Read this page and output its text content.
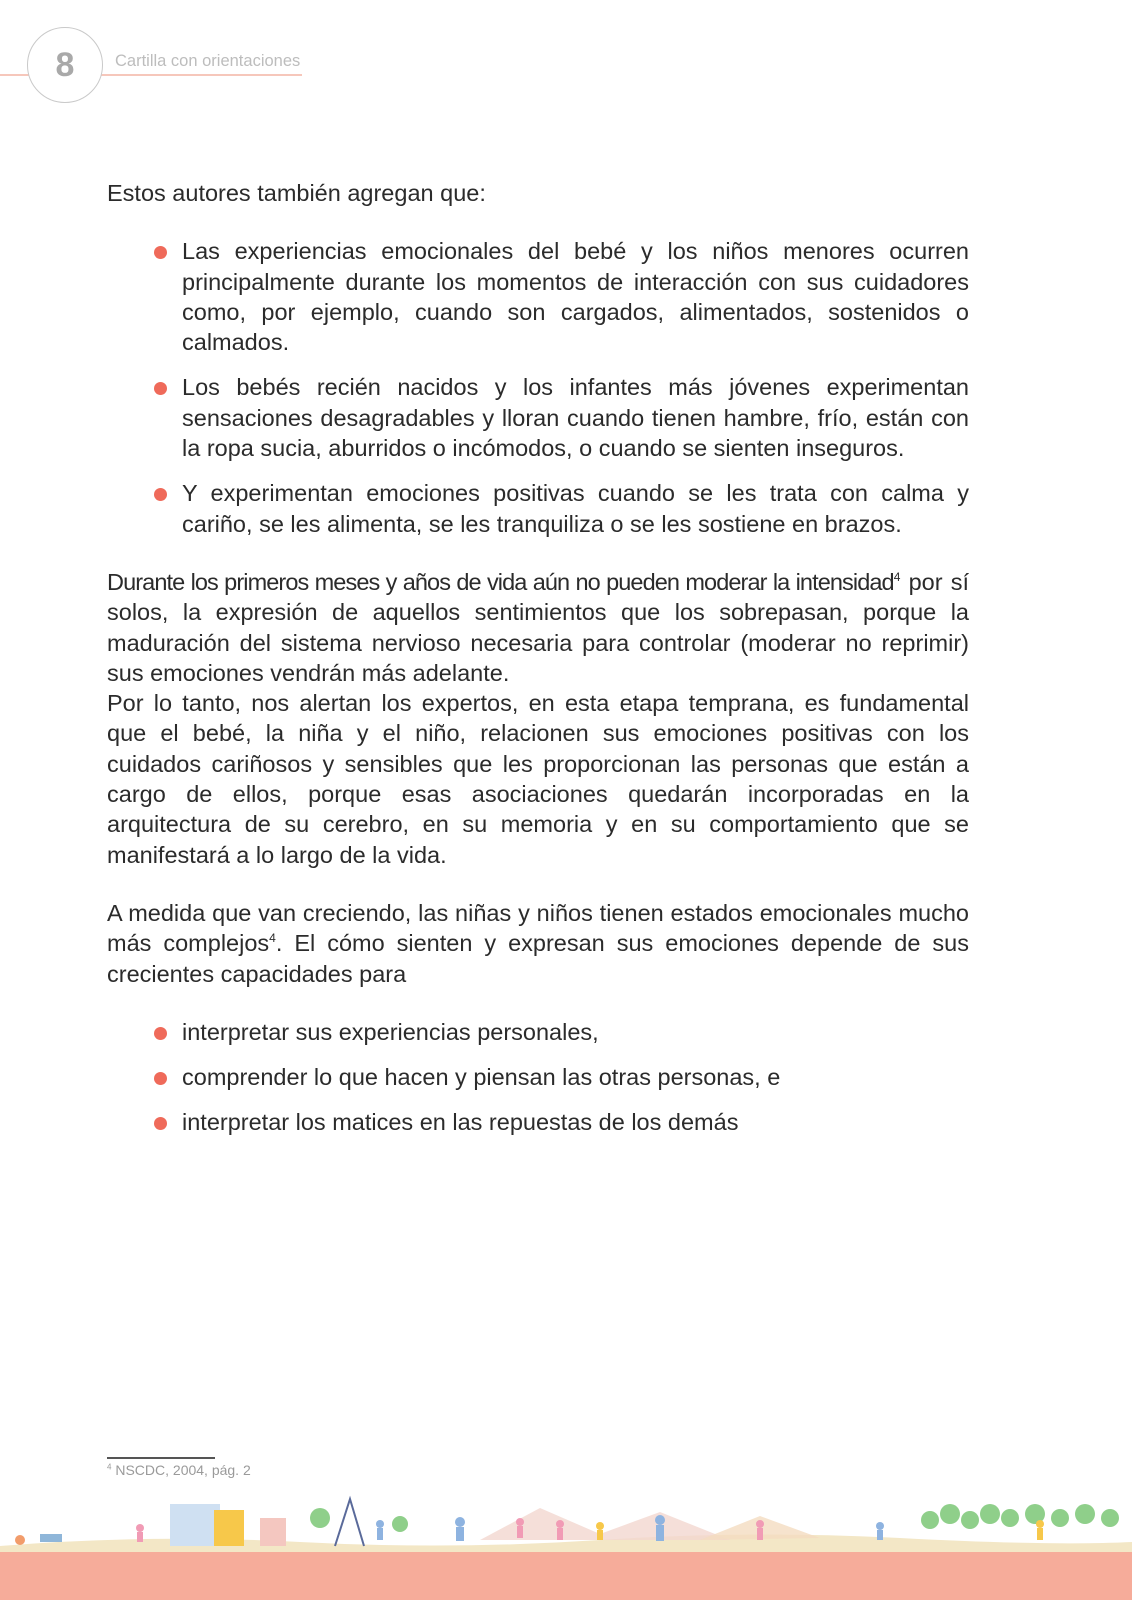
8	Cartilla con orientaciones

Estos autores también agregan que:

Las experiencias emocionales del bebé y los niños menores ocurren principalmente durante los momentos de interacción con sus cuidadores como, por ejemplo, cuando son cargados, alimentados, sostenidos o calmados.
Los bebés recién nacidos y los infantes más jóvenes experimentan sensaciones desagradables y lloran cuando tienen hambre, frío, están con la ropa sucia, aburridos o incómodos, o cuando se sienten inseguros.
Y experimentan emociones positivas cuando se les trata con calma y cariño, se les alimenta, se les tranquiliza o se les sostiene en brazos.

Durante los primeros meses y años de vida aún no pueden moderar la intensidad$^4$ por sí solos, la expresión de aquellos sentimientos que los sobrepasan, porque la maduración del sistema nervioso necesaria para controlar (moderar no reprimir) sus emociones vendrán más adelante.

Por lo tanto, nos alertan los expertos, en esta etapa temprana, es fundamental que el bebé, la niña y el niño, relacionen sus emociones positivas con los cuidados cariñosos y sensibles que les proporcionan las personas que están a cargo de ellos, porque esas asociaciones quedarán incorporadas en la arquitectura de su cerebro, en su memoria y en su comportamiento que se manifestará a lo largo de la vida.

A medida que van creciendo, las niñas y niños tienen estados emocionales mucho más complejos$^4$. El cómo sienten y expresan sus emociones depende de sus crecientes capacidades para

interpretar sus experiencias personales,
comprender lo que hacen y piensan las otras personas, e
interpretar los matices en las repuestas de los demás
$^4$ NSCDC, 2004, pág. 2
